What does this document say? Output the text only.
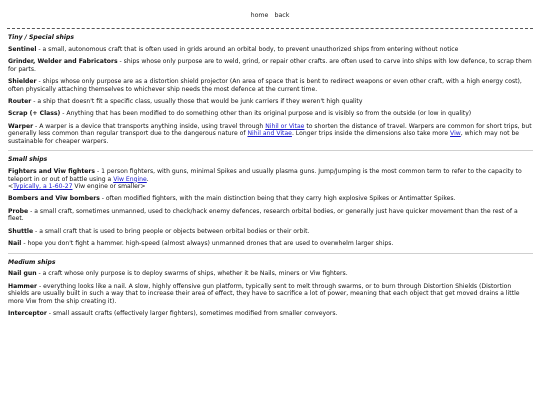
home back
Tiny / Special ships
Sentinel - a small, autonomous craft that is often used in grids around an orbital body, to prevent unauthorized ships from entering without notice
Grinder, Welder and Fabricators - ships whose only purpose are to weld, grind, or repair other crafts. are often used to carve into ships with low defence, to scrap them for parts.
Shielder - ships whose only purpose are as a distortion shield projector (An area of space that is bent to redirect weapons or even other craft, with a high energy cost), often physically attaching themselves to whichever ship needs the most defence at the current time.
Router - a ship that doesn't fit a specific class, usually those that would be junk carriers if they weren't high quality
Scrap (+ Class) - Anything that has been modified to do something other than its original purpose and is visibly so from the outside (or low in quality)
Warper - A warper is a device that transports anything inside, using travel through Nihil or Vitae to shorten the distance of travel. Warpers are common for short trips, but generally less common than regular transport due to the dangerous nature of Nihil and Vitae. Longer trips inside the dimensions also take more Viw, which may not be sustainable for cheaper warpers.
Small ships
Fighters and Viw fighters - 1 person fighters, with guns, minimal Spikes and usually plasma guns. Jump/Jumping is the most common term to refer to the capacity to teleport in or out of battle using a Viw Engine.
<Typically, a 1-60-27 Viw engine or smaller>
Bombers and Viw bombers - often modified fighters, with the main distinction being that they carry high explosive Spikes or Antimatter Spikes.
Probe - a small craft, sometimes unmanned, used to check/hack enemy defences, research orbital bodies, or generally just have quicker movement than the rest of a fleet.
Shuttle - a small craft that is used to bring people or objects between orbital bodies or their orbit.
Nail - hope you don't fight a hammer. high-speed (almost always) unmanned drones that are used to overwhelm larger ships.
Medium ships
Nail gun - a craft whose only purpose is to deploy swarms of ships, whether it be Nails, miners or Viw fighters.
Hammer - everything looks like a nail. A slow, highly offensive gun platform, typically sent to melt through swarms, or to burn through Distortion Shields (Distortion shields are usually built in such a way that to increase their area of effect, they have to sacrifice a lot of power, meaning that each object that get moved drains a little more Viw from the ship creating it).
Interceptor - small assault crafts (effectively larger fighters), sometimes modified from smaller conveyors.
